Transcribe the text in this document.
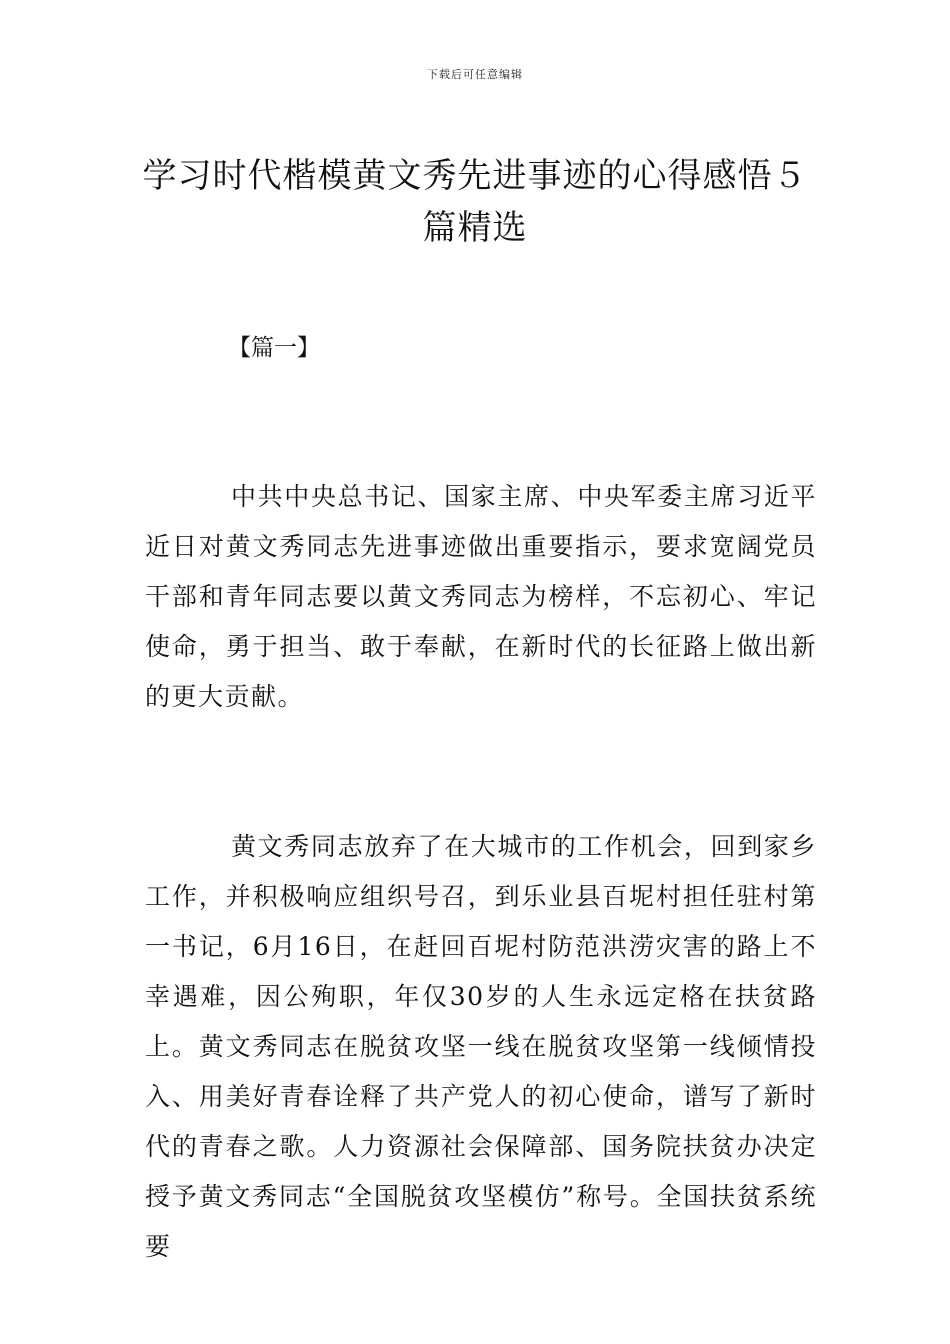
下载后可任意编辑
学习时代楷模黄文秀先进事迹的心得感悟５篇精选
【篇一】

中共中央总书记、国家主席、中央军委主席习近平近日对黄文秀同志先进事迹做出重要指示，要求宽阔党员干部和青年同志要以黄文秀同志为榜样，不忘初心、牢记使命，勇于担当、敢于奉献，在新时代的长征路上做出新的更大贡献。

黄文秀同志放弃了在大城市的工作机会，回到家乡工作，并积极响应组织号召，到乐业县百坭村担任驻村第一书记，6月16日，在赶回百坭村防范洪涝灾害的路上不幸遇难，因公殉职，年仅30岁的人生永远定格在扶贫路上。黄文秀同志在脱贫攻坚一线在脱贫攻坚第一线倾情投入、用美好青春诠释了共产党人的初心使命，谱写了新时代的青春之歌。人力资源社会保障部、国务院扶贫办决定授予黄文秀同志“全国脱贫攻坚模仿”称号。全国扶贫系统要
